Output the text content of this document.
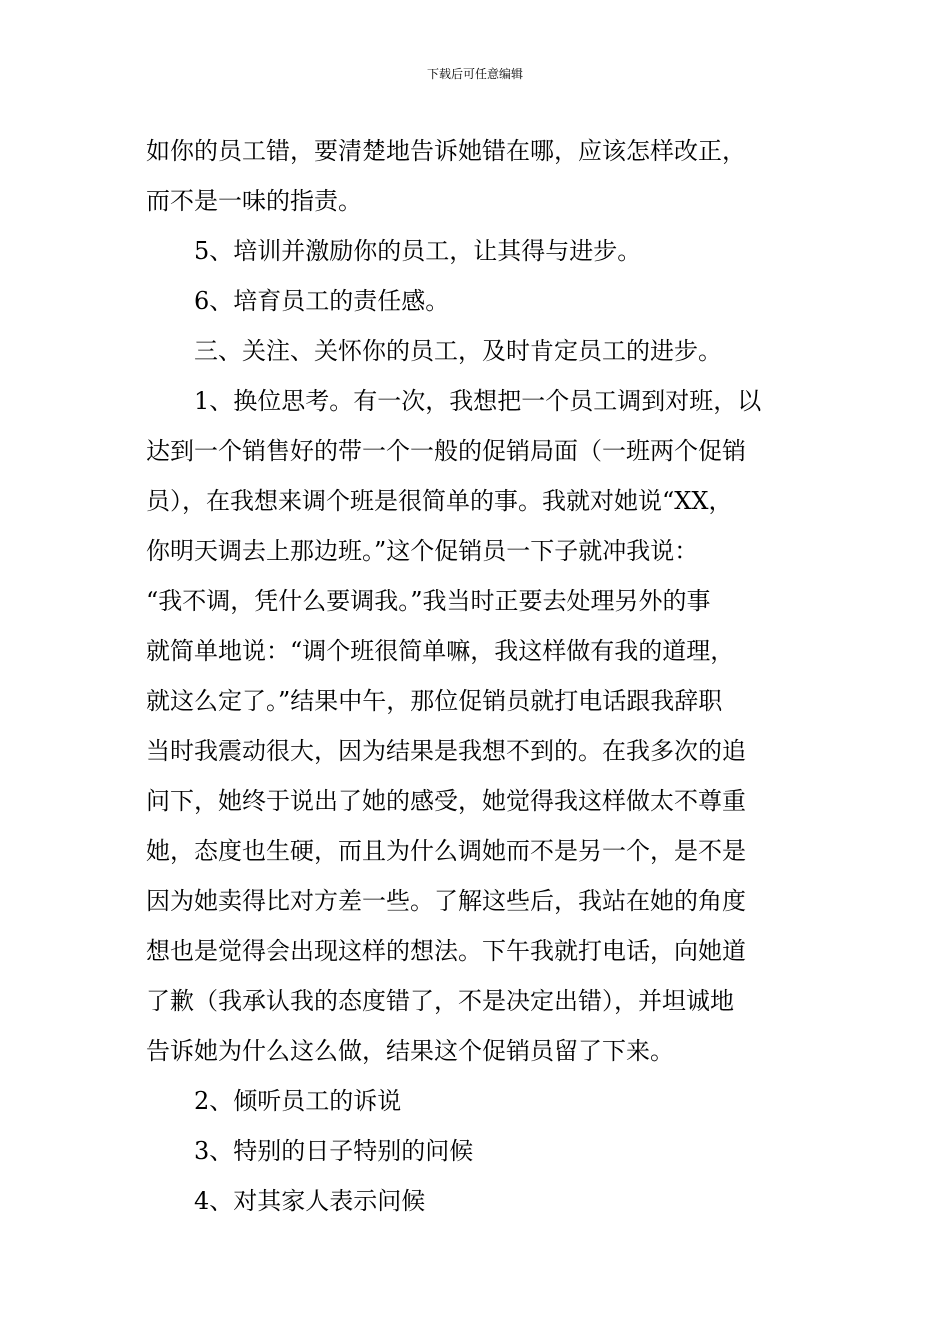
下载后可任意编辑

如你的员工错，要清楚地告诉她错在哪，应该怎样改正，

而不是一味的指责。

5、培训并激励你的员工，让其得与进步。

6、培育员工的责任感。

三、关注、关怀你的员工，及时肯定员工的进步。

1、换位思考。有一次，我想把一个员工调到对班，以

达到一个销售好的带一个一般的促销局面（一班两个促销

员），在我想来调个班是很简单的事。我就对她说“XX，

你明天调去上那边班。”这个促销员一下子就冲我说：

“我不调，凭什么要调我。”我当时正要去处理另外的事

就简单地说：“调个班很简单嘛，我这样做有我的道理，

就这么定了。”结果中午，那位促销员就打电话跟我辞职

当时我震动很大，因为结果是我想不到的。在我多次的追

问下，她终于说出了她的感受，她觉得我这样做太不尊重

她，态度也生硬，而且为什么调她而不是另一个，是不是

因为她卖得比对方差一些。了解这些后，我站在她的角度

想也是觉得会出现这样的想法。下午我就打电话，向她道

了歉（我承认我的态度错了，不是决定出错），并坦诚地

告诉她为什么这么做，结果这个促销员留了下来。

2、倾听员工的诉说

3、特别的日子特别的问候

4、对其家人表示问候
